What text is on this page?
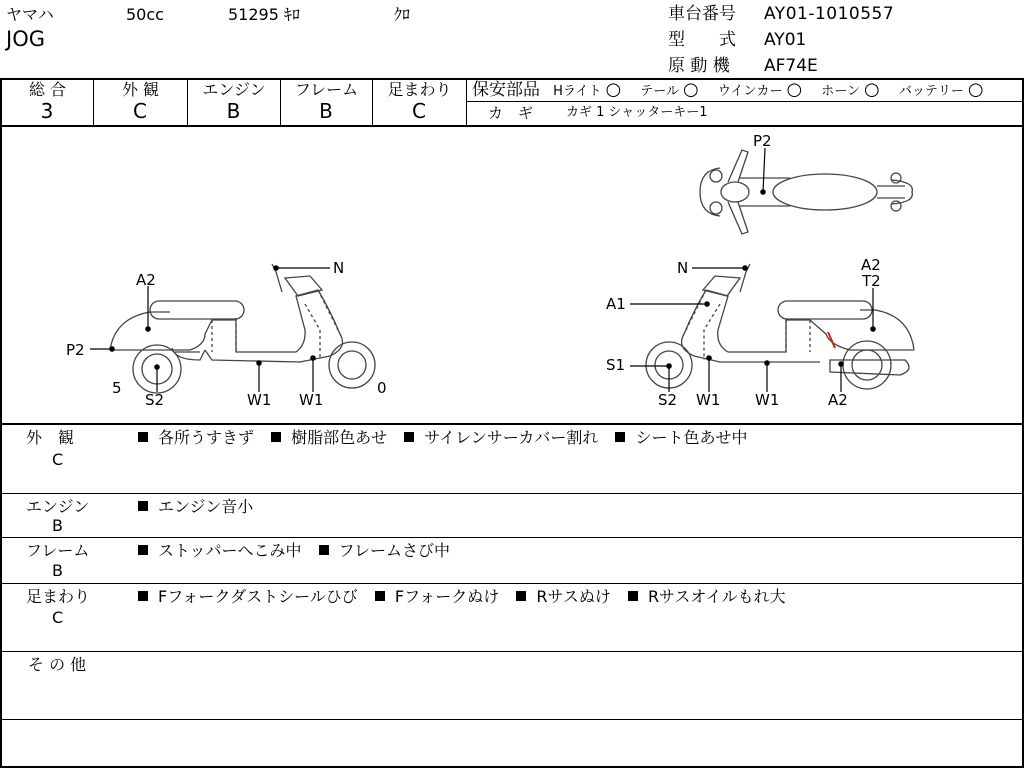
ヤマハ	50cc	51295 ｷﾛ	ｸﾛ
JOG
車台番号 AY01-1010557
型　　式 AY01
原 動 機 AF74E
総 合
3
外 観
C
エンジン
B
フレーム
B
足まわり
C
保安部品 Hライト ○ テール ○ ウインカー ○ ホーン ○ バッテリー ○
カ　ギ	カギ 1 シャッターキー1
P2
N
A2
P2
5
S2	W1 W1
0
N	A2
T2
A1
S1
S2 W1 W1	A2
外　観
C
各所うすきず 樹脂部色あせ サイレンサーカバー割れ シート色あせ中
エンジン
B
エンジン音小
フレーム
B
ストッパーへこみ中 フレームさび中
足まわり
C
Fフォークダストシールひび Fフォークぬけ Rサスぬけ Rサスオイルもれ大
そ の 他
